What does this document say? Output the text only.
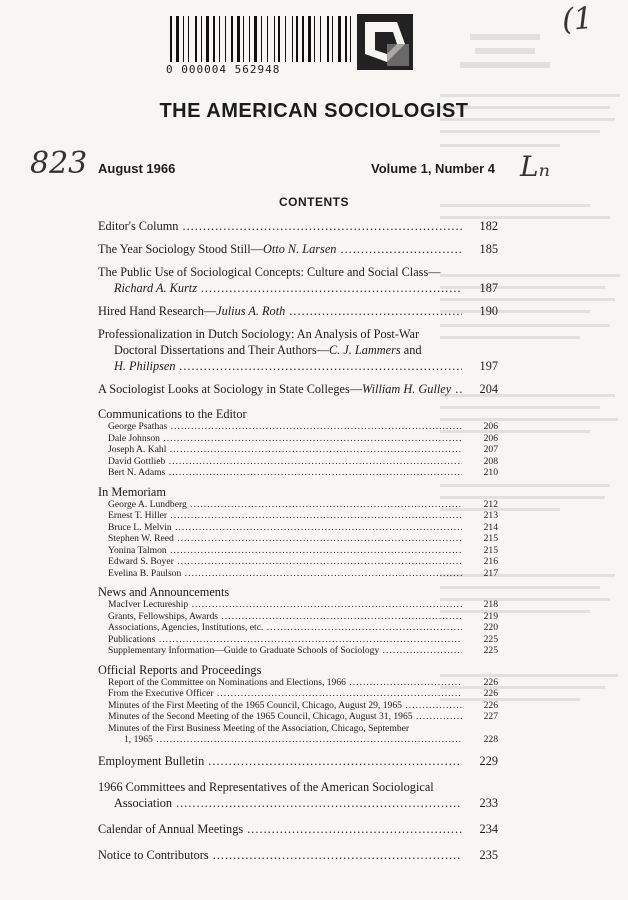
0 000004 562948
(1
823	Lₙ
THE AMERICAN SOCIOLOGIST
August 1966	Volume 1, Number 4
CONTENTS
Editor's Column .....	182
The Year Sociology Stood Still—Otto N. Larsen .....	185
The Public Use of Sociological Concepts: Culture and Social Class—
Richard A. Kurtz .....	187
Hired Hand Research—Julius A. Roth .....	190
Professionalization in Dutch Sociology: An Analysis of Post-War Doctoral Dissertations and Their Authors—C. J. Lammers and
H. Philipsen .....	197
A Sociologist Looks at Sociology in State Colleges—William H. Gulley .....	204
Communications to the Editor
George Psathas .....	206
Dale Johnson .....	206
Joseph A. Kahl .....	207
David Gottlieb .....	208
Bert N. Adams .....	210
In Memoriam
George A. Lundberg .....	212
Ernest T. Hiller .....	213
Bruce L. Melvin .....	214
Stephen W. Reed .....	215
Yonina Talmon .....	215
Edward S. Boyer .....	216
Evelina B. Paulson .....	217
News and Announcements
MacIver Lectureship .....	218
Grants, Fellowships, Awards .....	219
Associations, Agencies, Institutions, etc. .....	220
Publications .....	225
Supplementary Information—Guide to Graduate Schools of Sociology .....	225
Official Reports and Proceedings
Report of the Committee on Nominations and Elections, 1966 .....	226
From the Executive Officer .....	226
Minutes of the First Meeting of the 1965 Council, Chicago, August 29, 1965 .....	226
Minutes of the Second Meeting of the 1965 Council, Chicago, August 31, 1965 .....	227
Minutes of the First Business Meeting of the Association, Chicago, September
1, 1965 .....	228
Employment Bulletin .....	229
1966 Committees and Representatives of the American Sociological
Association .....	233
Calendar of Annual Meetings .....	234
Notice to Contributors .....	235
